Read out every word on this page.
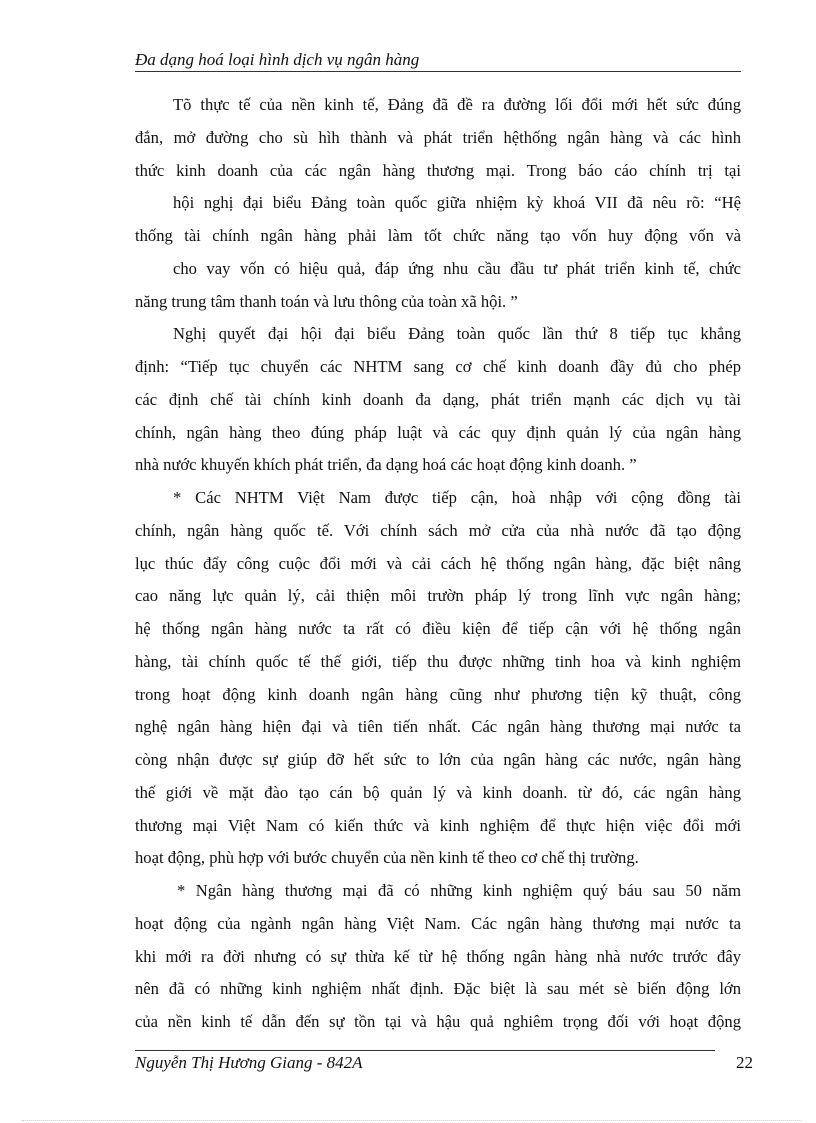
Đa dạng hoá loại hình dịch vụ ngân hàng
Tõ thực tế của nền kinh tế, Đảng đã đề ra đường lối đổi mới hết sức đúng
đắn, mở đường cho sù hìh thành và phát triển hệthống ngân hàng và các hình
thức kinh doanh của các ngân hàng thương mại. Trong báo cáo chính trị tại
hội nghị đại biểu Đảng toàn quốc giữa nhiệm kỳ khoá VII đã nêu rõ: “Hệ
thống tài chính ngân hàng phải làm tốt chức năng tạo vốn huy động vốn và
cho vay vốn có hiệu quả, đáp ứng nhu cầu đầu tư phát triển kinh tế, chức
năng trung tâm thanh toán và lưu thông của toàn xã hội. ”
Nghị quyết đại hội đại biểu Đảng toàn quốc lần thứ 8 tiếp tục khẳng
định: “Tiếp tục chuyển các NHTM sang cơ chế kinh doanh đầy đủ cho phép
các định chế tài chính kinh doanh đa dạng, phát triển mạnh các dịch vụ tài
chính, ngân hàng theo đúng pháp luật và các quy định quản lý của ngân hàng
nhà nước khuyến khích phát triển, đa dạng hoá các hoạt động kinh doanh. ”
* Các NHTM Việt Nam được tiếp cận, hoà nhập với cộng đồng tài
chính, ngân hàng quốc tế. Với chính sách mở cửa của nhà nước đã tạo động
lục thúc đẩy công cuộc đổi mới và cải cách hệ thống ngân hàng, đặc biệt nâng
cao năng lực quản lý, cải thiện môi trườn pháp lý trong lĩnh vực ngân hàng;
hệ thống ngân hàng nước ta rất có điều kiện để tiếp cận với hệ thống ngân
hàng, tài chính quốc tế thế giới, tiếp thu được những tinh hoa và kinh nghiệm
trong hoạt động kinh doanh ngân hàng cũng như phương tiện kỹ thuật, công
nghệ ngân hàng hiện đại và tiên tiến nhất. Các ngân hàng thương mại nước ta
còng nhận được sự giúp đỡ hết sức to lớn của ngân hàng các nước, ngân hàng
thế giới về mặt đào tạo cán bộ quản lý và kinh doanh. từ đó, các ngân hàng
thương mại Việt Nam có kiến thức và kinh nghiệm để thực hiện việc đổi mới
hoạt động, phù hợp với bước chuyển của nền kinh tế theo cơ chế thị trường.
* Ngân hàng thương mại đã có những kinh nghiệm quý báu sau 50 năm
hoạt động của ngành ngân hàng Việt Nam. Các ngân hàng thương mại nước ta
khi mới ra đời nhưng có sự thừa kế từ hệ thống ngân hàng nhà nước trước đây
nên đã có những kinh nghiệm nhất định. Đặc biệt là sau mét sè biến động lớn
của nền kinh tế dẫn đến sự tồn tại và hậu quả nghiêm trọng đối với hoạt động
Nguyễn Thị Hương Giang - 842A	22
